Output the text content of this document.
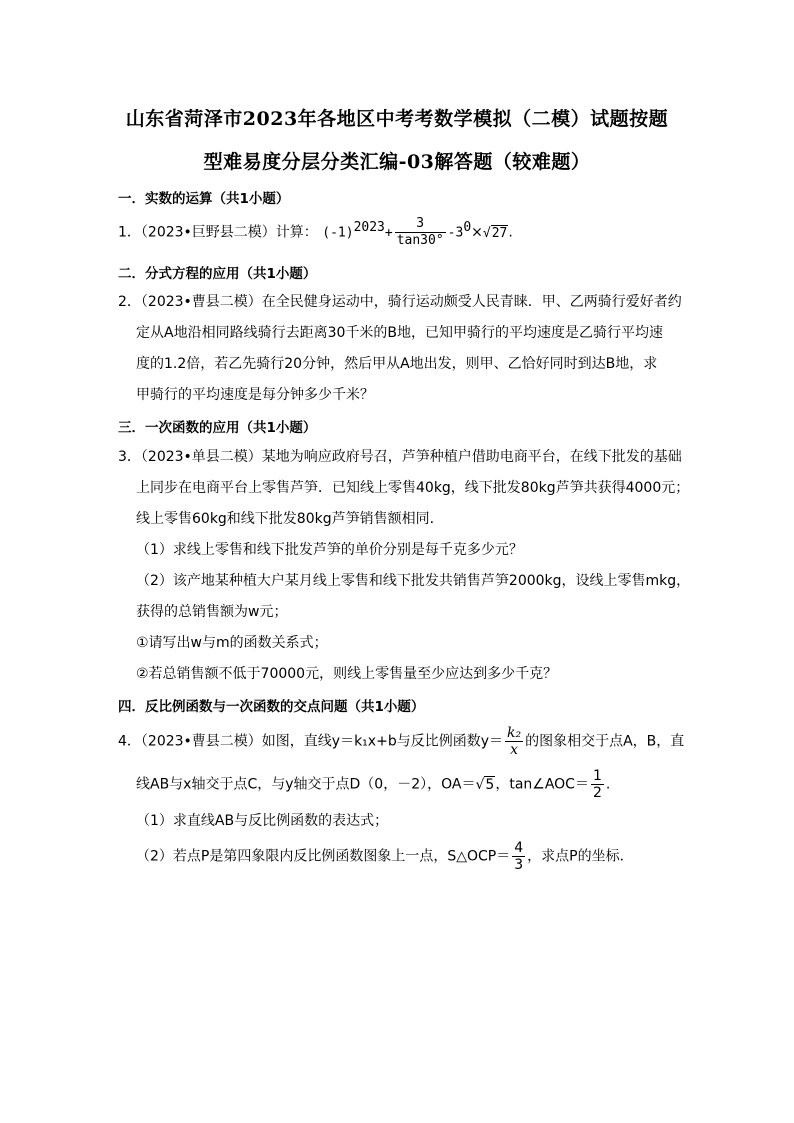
山东省菏泽市2023年各地区中考考数学模拟（二模）试题按题
型难易度分层分类汇编-03解答题（较难题）
一．实数的运算（共1小题）
1．（2023•巨野县二模）计算： $(-1)^{2023}+ \frac{3}{\tan 30^\circ} -3^0\times√27$.
二．分式方程的应用（共1小题）
2．（2023•曹县二模）在全民健身运动中，骑行运动颇受人民青睐．甲、乙两骑行爱好者约
定从A地沿相同路线骑行去距离30千米的B地，已知甲骑行的平均速度是乙骑行平均速
度的1.2倍，若乙先骑行20分钟，然后甲从A地出发，则甲、乙恰好同时到达B地，求
甲骑行的平均速度是每分钟多少千米？
三．一次函数的应用（共1小题）
3．（2023•单县二模）某地为响应政府号召，芦笋种植户借助电商平台，在线下批发的基础
上同步在电商平台上零售芦笋．已知线上零售40kg，线下批发80kg芦笋共获得4000元；
线上零售60kg和线下批发80kg芦笋销售额相同．
（1）求线上零售和线下批发芦笋的单价分别是每千克多少元？
（2）该产地某种植大户某月线上零售和线下批发共销售芦笋2000kg，设线上零售mkg，
获得的总销售额为w元；
①请写出w与m的函数关系式；
②若总销售额不低于70000元，则线上零售量至少应达到多少千克？
四．反比例函数与一次函数的交点问题（共1小题）
4．（2023•曹县二模）如图，直线y＝k₁x+b与反比例函数$y= \frac{\text{k₂}}{x}$ 的图象相交于点A，B，直
线AB与x轴交于点C，与y轴交于点D（0，－2），OA＝√5，tan∠AOC＝ $\frac{1}{2}$ .
（1）求直线AB与反比例函数的表达式；
（2）若点P是第四象限内反比例函数图象上一点，S△OCP＝ $\frac{4}{3}$ ，求点P的坐标．
